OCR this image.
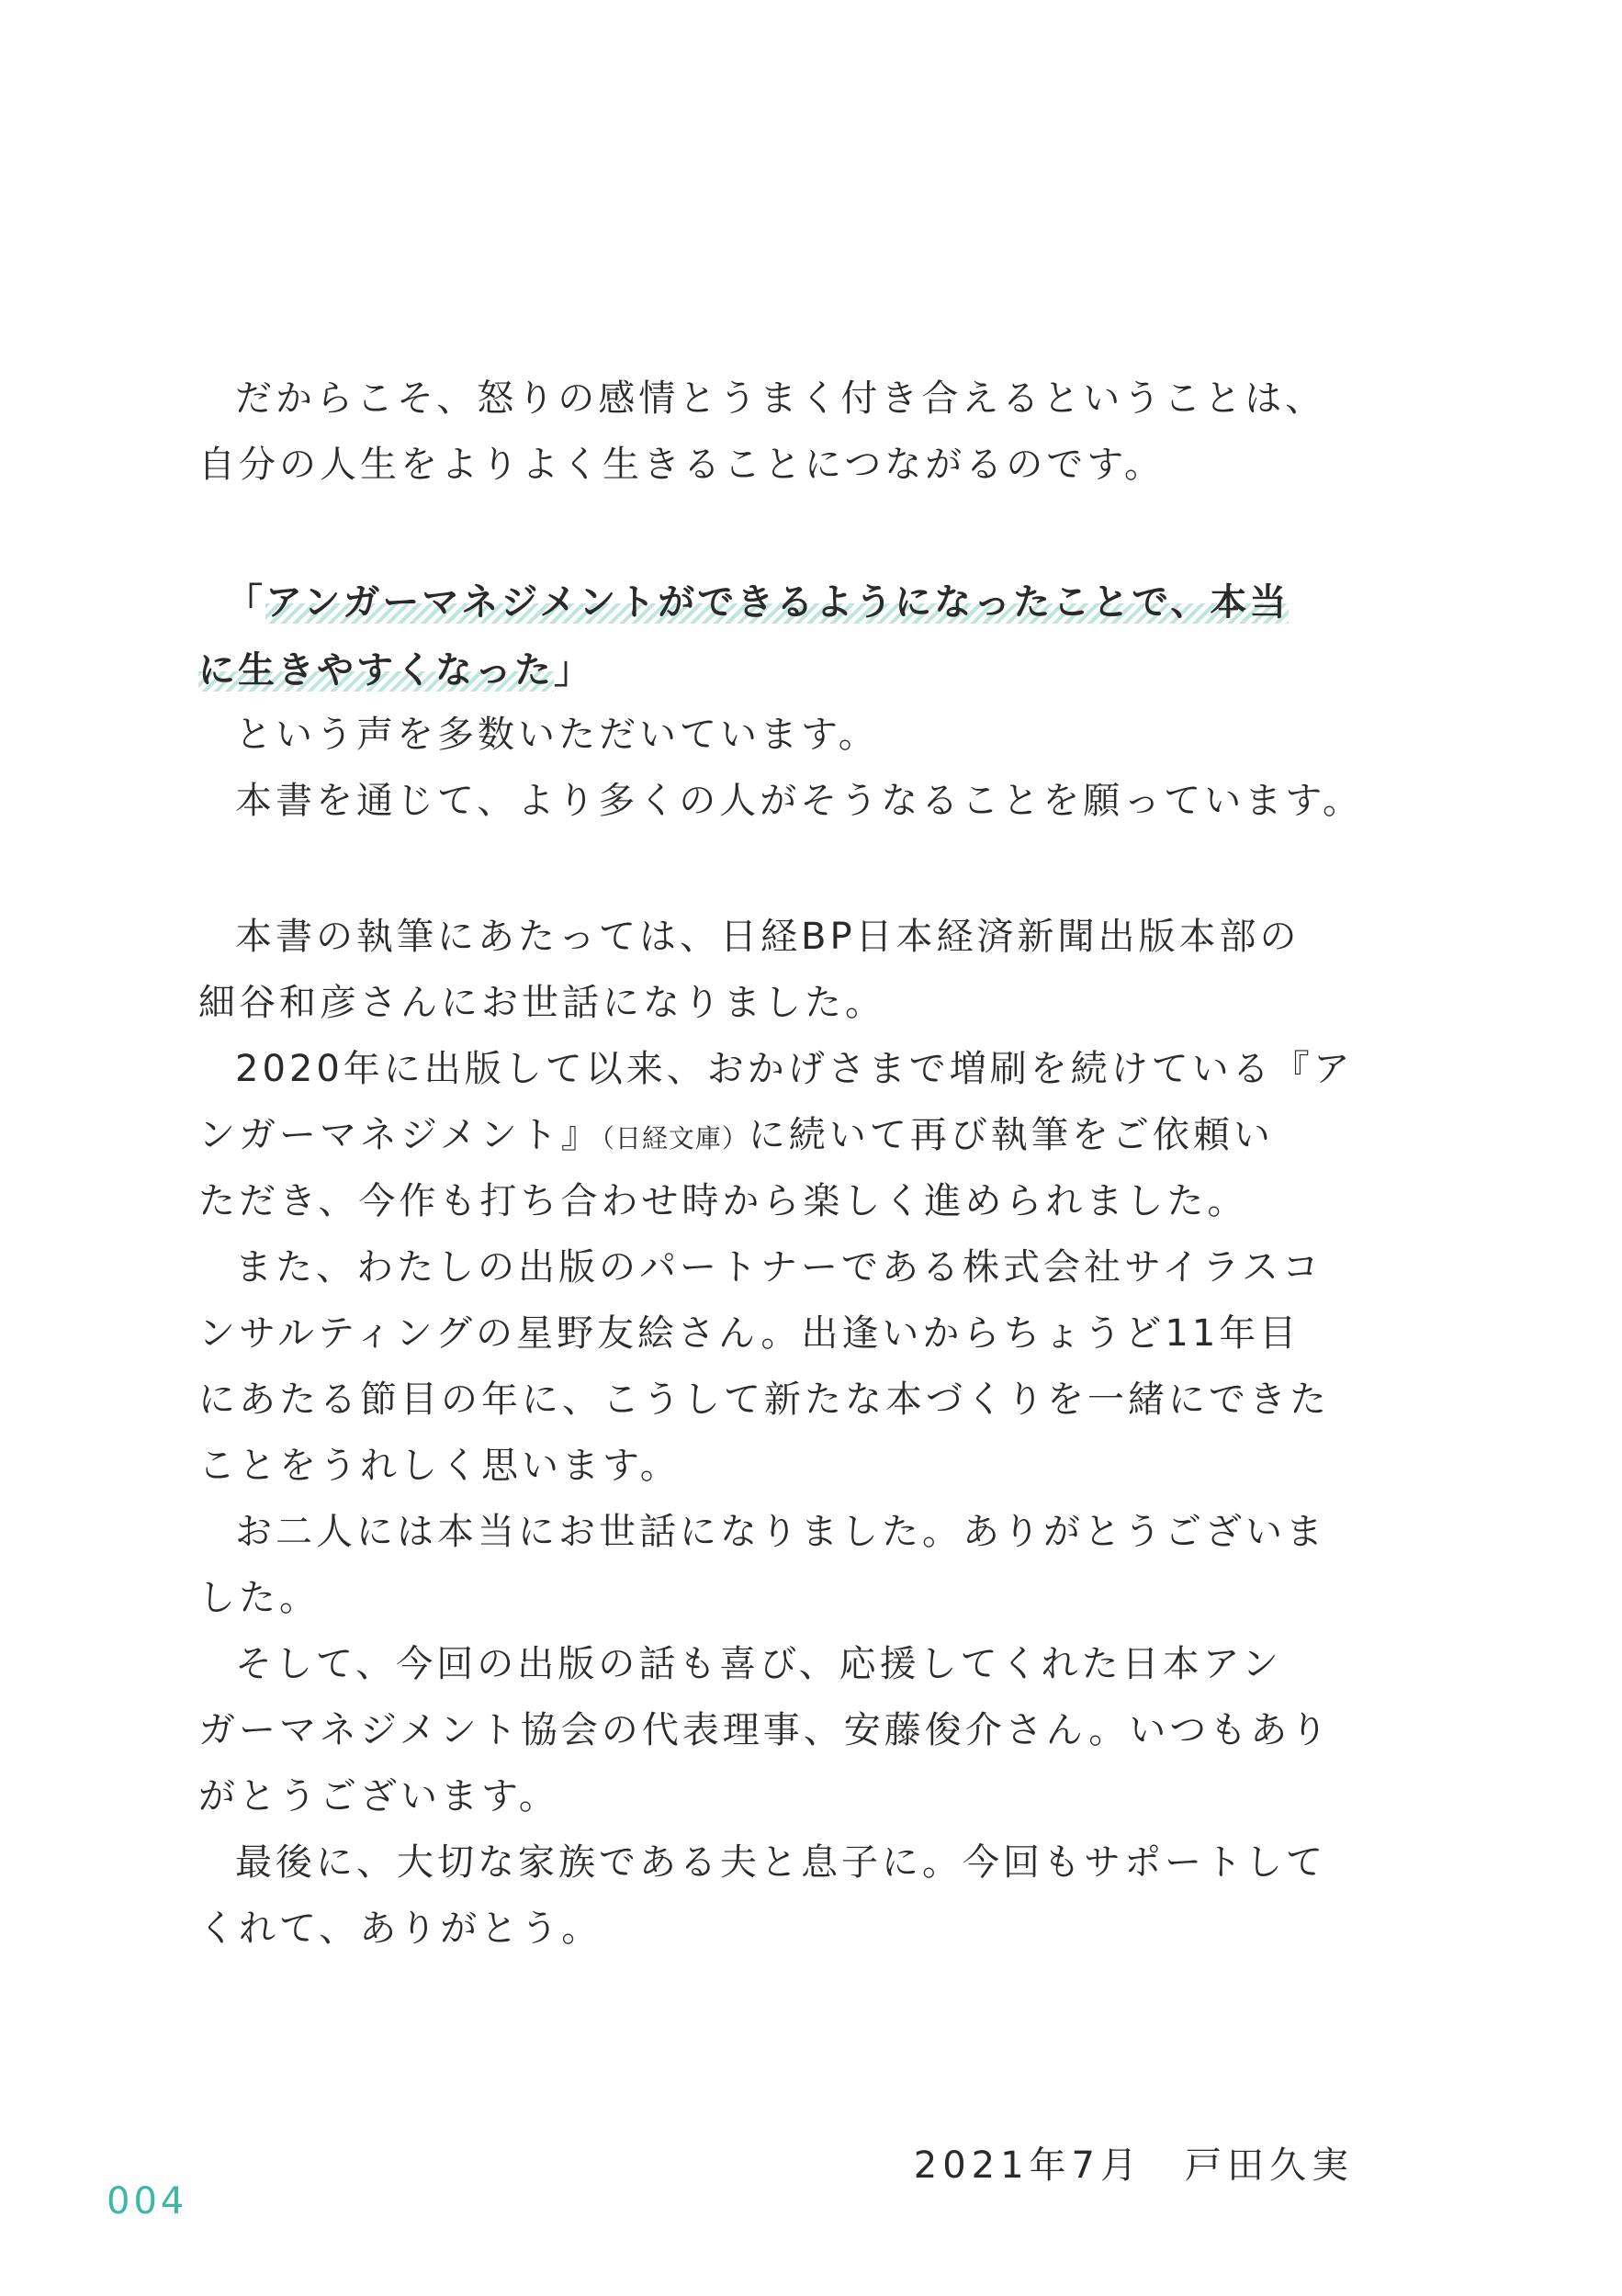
だからこそ、怒りの感情とうまく付き合えるということは、
自分の人生をよりよく生きることにつながるのです。
「アンガーマネジメントができるようになったことで、本当
に生きやすくなった」
という声を多数いただいています。
本書を通じて、より多くの人がそうなることを願っています。
本書の執筆にあたっては、日経BP日本経済新聞出版本部の
細谷和彦さんにお世話になりました。
2020年に出版して以来、おかげさまで増刷を続けている『ア
ンガーマネジメント』（日経文庫）に続いて再び執筆をご依頼い
ただき、今作も打ち合わせ時から楽しく進められました。
また、わたしの出版のパートナーである株式会社サイラスコ
ンサルティングの星野友絵さん。出逢いからちょうど11年目
にあたる節目の年に、こうして新たな本づくりを一緒にできた
ことをうれしく思います。
お二人には本当にお世話になりました。ありがとうございま
した。
そして、今回の出版の話も喜び、応援してくれた日本アン
ガーマネジメント協会の代表理事、安藤俊介さん。いつもあり
がとうございます。
最後に、大切な家族である夫と息子に。今回もサポートして
くれて、ありがとう。
2021年7月　戸田久実
004
